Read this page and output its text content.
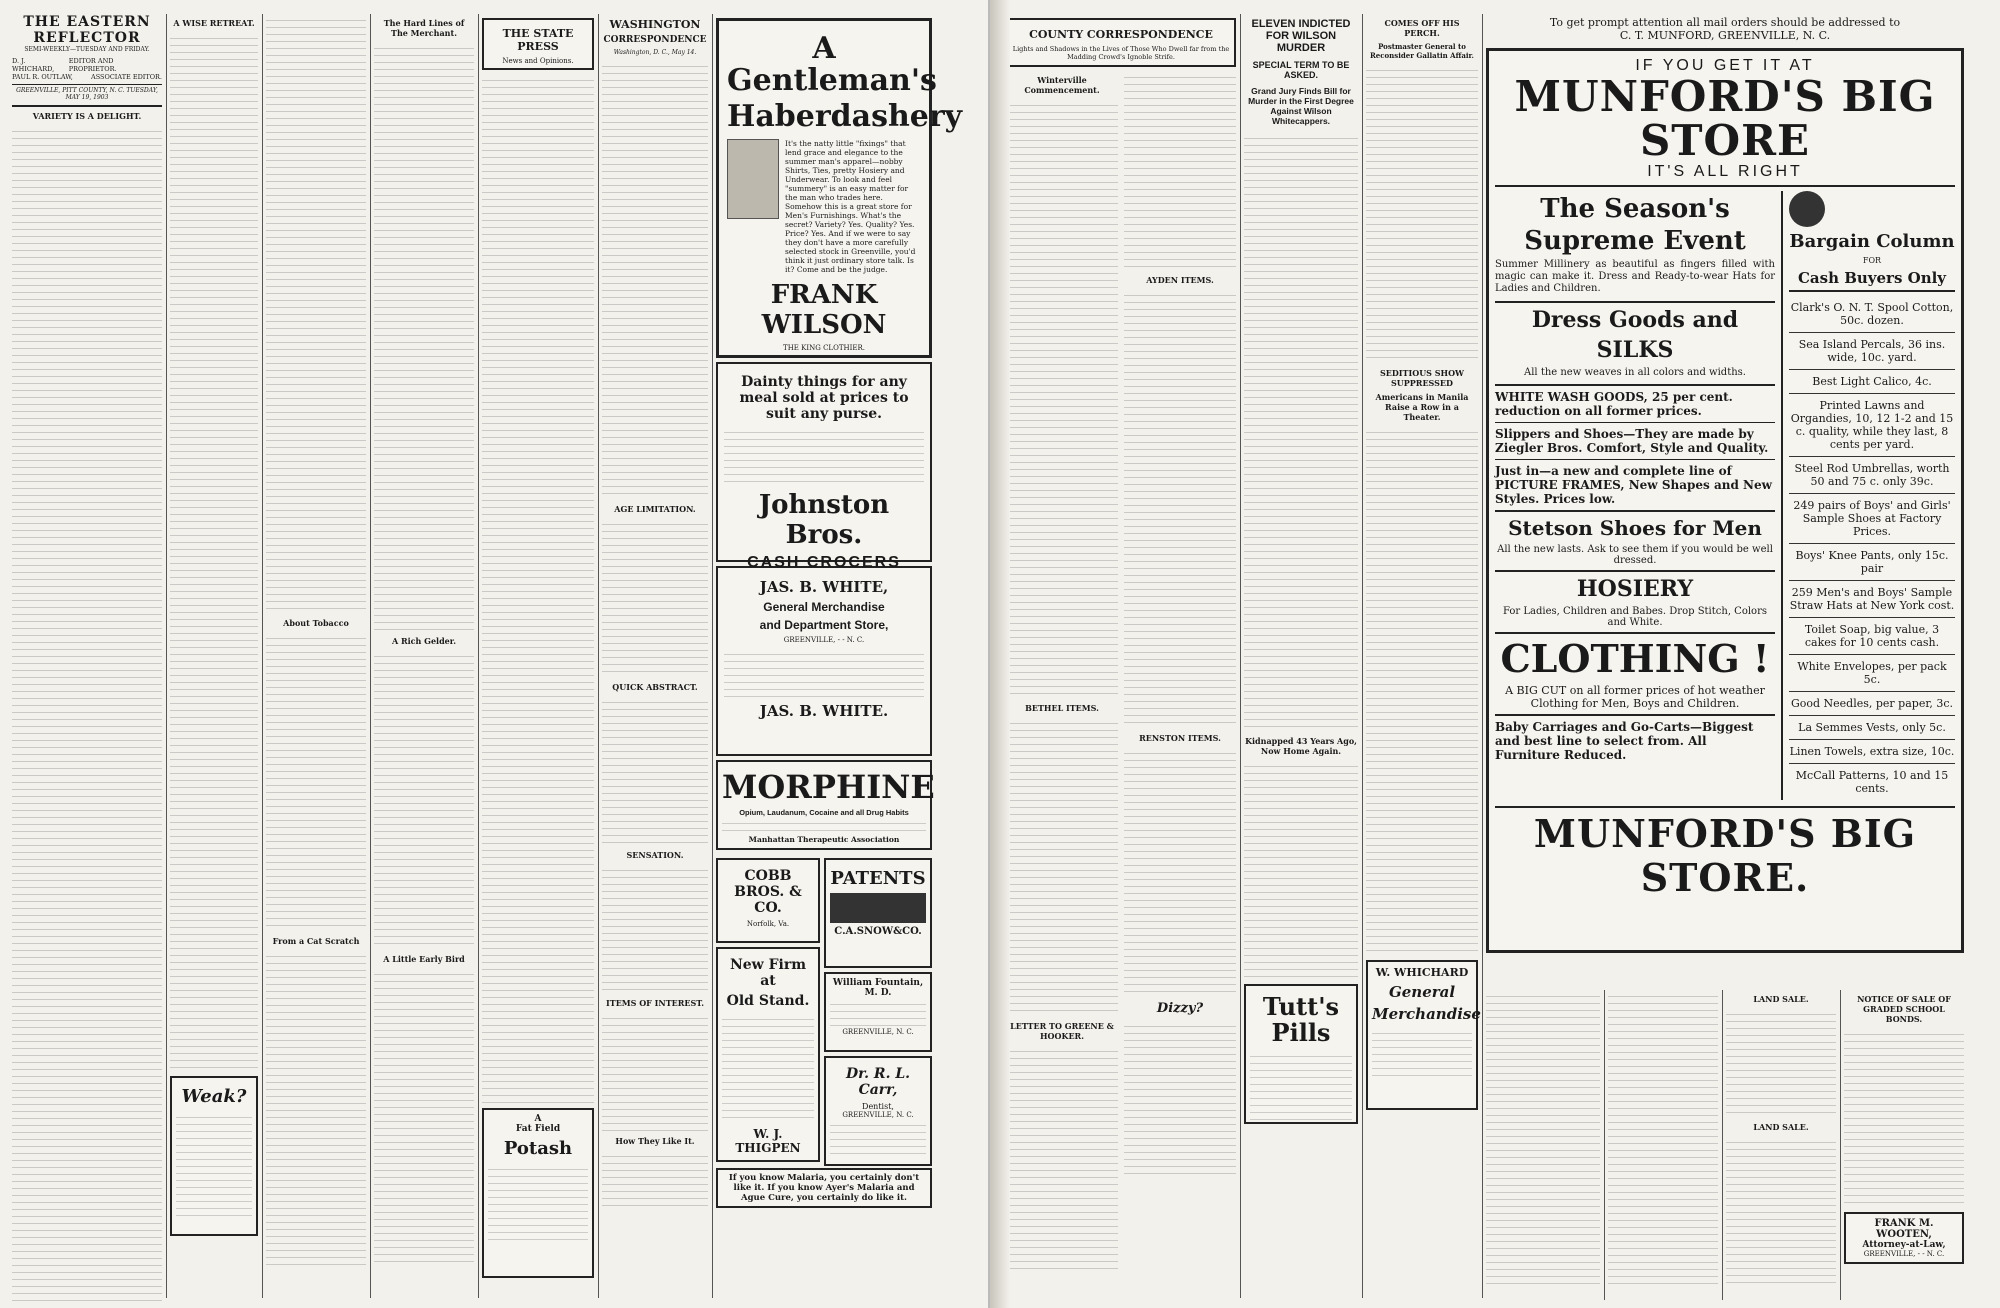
THE EASTERN REFLECTOR
SEMI-WEEKLY—TUESDAY AND FRIDAY.
D. J. WHICHARD,
EDITOR AND PROPRIETOR.
PAUL R. OUTLAW,	ASSOCIATE EDITOR.
GREENVILLE, PITT COUNTY, N. C. TUESDAY, MAY 19, 1903
VARIETY IS A DELIGHT.
A WISE RETREAT.
Weak?
About Tobacco
From a Cat Scratch
The Hard Lines of The Merchant.
A Rich Gelder.
A Little Early Bird
THE STATE PRESS
News and Opinions.
A
Fat Field
Potash
WASHINGTON
CORRESPONDENCE
Washington, D. C., May 14.
AGE LIMITATION.
QUICK ABSTRACT.
SENSATION.
ITEMS OF INTEREST.
How They Like It.
A Gentleman's
Haberdashery
It's the natty little "fixings" that lend grace and elegance to the summer man's apparel—nobby Shirts, Ties, pretty Hosiery and Underwear. To look and feel "summery" is an easy matter for the man who trades here. Somehow this is a great store for Men's Furnishings. What's the secret? Variety? Yes. Quality? Yes. Price? Yes. And if we were to say they don't have a more carefully selected stock in Greenville, you'd think it just ordinary store talk. Is it? Come and be the judge.
FRANK WILSON
THE KING CLOTHIER.
Dainty things for any meal sold at prices to suit any purse.
Johnston Bros.
CASH CROCERS
JAS. B. WHITE,
General Merchandise
and Department Store,
GREENVILLE, - - N. C.
JAS. B. WHITE.
MORPHINE
Opium, Laudanum, Cocaine and all Drug Habits
Manhattan Therapeutic Association
COBB BROS. & CO.
Norfolk, Va.
New Firm at
Old Stand.
W. J. THIGPEN
PATENTS
C.A.SNOW&CO.
William Fountain, M. D.
GREENVILLE, N. C.
Dr. R. L. Carr,
Dentist,
GREENVILLE, N. C.
If you know Malaria, you certainly don't like it. If you know Ayer's Malaria and Ague Cure, you certainly do like it.
COUNTY CORRESPONDENCE
Lights and Shadows in the Lives of Those Who Dwell far from the Madding Crowd's Ignoble Strife.
Winterville Commencement.
BETHEL ITEMS.
LETTER TO GREENE & HOOKER.
AYDEN ITEMS.
RENSTON ITEMS.
Dizzy?
ELEVEN INDICTED FOR WILSON MURDER
SPECIAL TERM TO BE ASKED.
Grand Jury Finds Bill for Murder in the First Degree Against Wilson Whitecappers.
Kidnapped 43 Years Ago, Now Home Again.
Tutt's Pills
COMES OFF HIS PERCH.
Postmaster General to Reconsider Gallatin Affair.
SEDITIOUS SHOW SUPPRESSED
Americans in Manila Raise a Row in a Theater.
W. WHICHARD
General
Merchandise
To get prompt attention all mail orders should be addressed to
C. T. MUNFORD, GREENVILLE, N. C.
IF YOU GET IT AT
MUNFORD'S BIG STORE
IT'S ALL RIGHT
The Season's
Supreme Event
Summer Millinery as beautiful as fingers filled with magic can make it. Dress and Ready-to-wear Hats for Ladies and Children.
Dress Goods and
SILKS
All the new weaves in all colors and widths.
WHITE WASH GOODS, 25 per cent. reduction on all former prices.
Slippers and Shoes—They are made by Ziegler Bros. Comfort, Style and Quality.
Just in—a new and complete line of PICTURE FRAMES, New Shapes and New Styles. Prices low.
Stetson Shoes for Men
All the new lasts. Ask to see them if you would be well dressed.
HOSIERY
For Ladies, Children and Babes. Drop Stitch, Colors and White.
CLOTHING !
A BIG CUT on all former prices of hot weather Clothing for Men, Boys and Children.
Baby Carriages and Go-Carts—Biggest and best line to select from. All Furniture Reduced.
Bargain Column
FOR
Cash Buyers Only
Clark's O. N. T. Spool Cotton, 50c. dozen.
Sea Island Percals, 36 ins. wide, 10c. yard.
Best Light Calico, 4c.
Printed Lawns and Organdies, 10, 12 1-2 and 15 c. quality, while they last, 8 cents per yard.
Steel Rod Umbrellas, worth 50 and 75 c. only 39c.
249 pairs of Boys' and Girls' Sample Shoes at Factory Prices.
Boys' Knee Pants, only 15c. pair
259 Men's and Boys' Sample Straw Hats at New York cost.
Toilet Soap, big value, 3 cakes for 10 cents cash.
White Envelopes, per pack 5c.
Good Needles, per paper, 3c.
La Semmes Vests, only 5c.
Linen Towels, extra size, 10c.
McCall Patterns, 10 and 15 cents.
MUNFORD'S BIG STORE.
LAND SALE.
LAND SALE.
NOTICE OF SALE OF GRADED SCHOOL BONDS.
FRANK M. WOOTEN,
Attorney-at-Law,
GREENVILLE, - - N. C.
